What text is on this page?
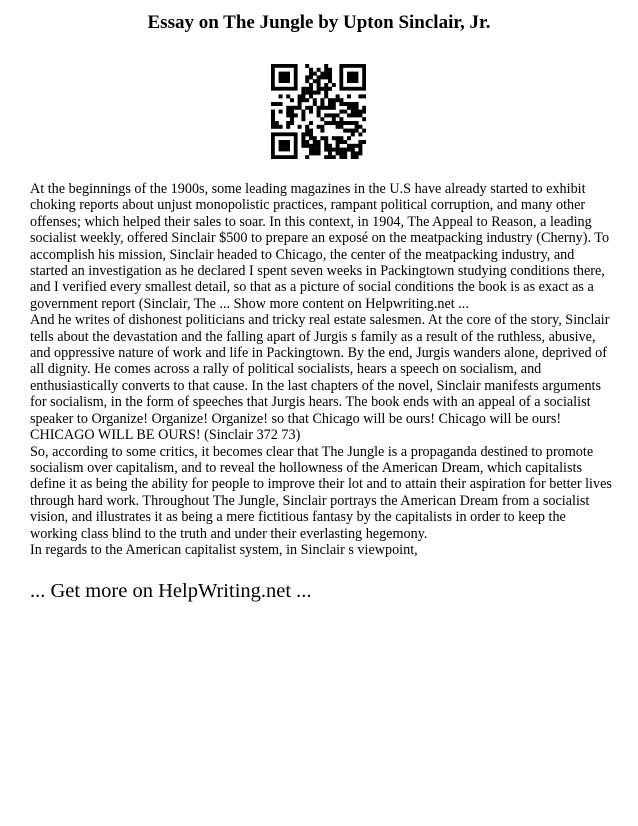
Essay on The Jungle by Upton Sinclair, Jr.

At the beginnings of the 1900s, some leading magazines in the U.S have already started to exhibit choking reports about unjust monopolistic practices, rampant political corruption, and many other offenses; which helped their sales to soar. In this context, in 1904, The Appeal to Reason, a leading socialist weekly, offered Sinclair $500 to prepare an exposé on the meatpacking industry (Cherny). To accomplish his mission, Sinclair headed to Chicago, the center of the meatpacking industry, and started an investigation as he declared I spent seven weeks in Packingtown studying conditions there, and I verified every smallest detail, so that as a picture of social conditions the book is as exact as a government report (Sinclair, The ... Show more content on Helpwriting.net ...

And he writes of dishonest politicians and tricky real estate salesmen. At the core of the story, Sinclair tells about the devastation and the falling apart of Jurgis s family as a result of the ruthless, abusive, and oppressive nature of work and life in Packingtown. By the end, Jurgis wanders alone, deprived of all dignity. He comes across a rally of political socialists, hears a speech on socialism, and enthusiastically converts to that cause. In the last chapters of the novel, Sinclair manifests arguments for socialism, in the form of speeches that Jurgis hears. The book ends with an appeal of a socialist speaker to Organize! Organize! Organize! so that Chicago will be ours! Chicago will be ours! CHICAGO WILL BE OURS! (Sinclair 372 73)

So, according to some critics, it becomes clear that The Jungle is a propaganda destined to promote socialism over capitalism, and to reveal the hollowness of the American Dream, which capitalists define it as being the ability for people to improve their lot and to attain their aspiration for better lives through hard work. Throughout The Jungle, Sinclair portrays the American Dream from a socialist vision, and illustrates it as being a mere fictitious fantasy by the capitalists in order to keep the working class blind to the truth and under their everlasting hegemony.

In regards to the American capitalist system, in Sinclair s viewpoint,

... Get more on HelpWriting.net ...
